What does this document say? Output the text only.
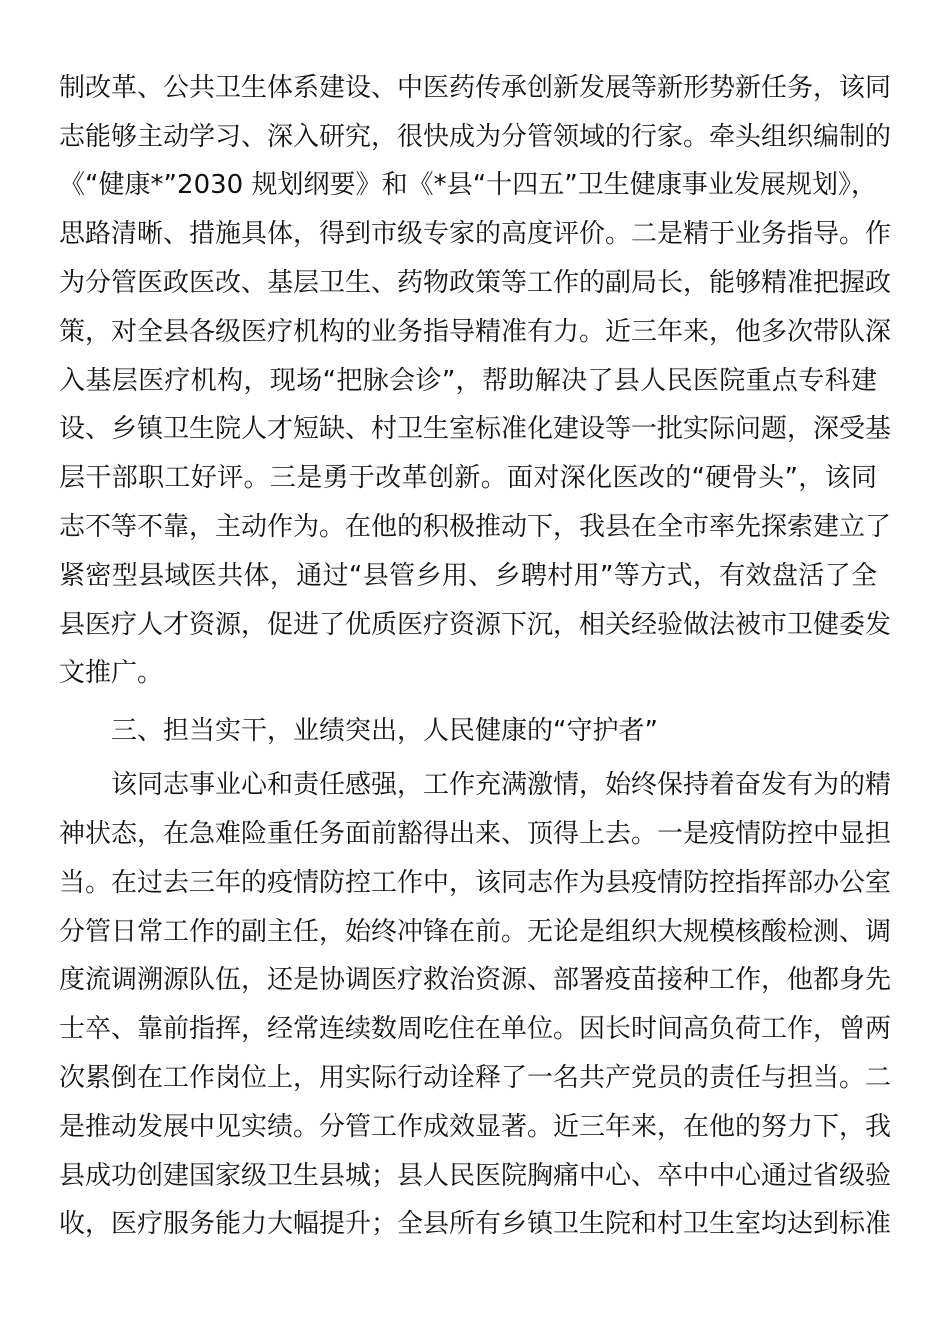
制改革、公共卫生体系建设、中医药传承创新发展等新形势新任务，该同
志能够主动学习、深入研究，很快成为分管领域的行家。牵头组织编制的
《“健康*”2030 规划纲要》和《*县“十四五”卫生健康事业发展规划》，
思路清晰、措施具体，得到市级专家的高度评价。二是精于业务指导。作
为分管医政医改、基层卫生、药物政策等工作的副局长，能够精准把握政
策，对全县各级医疗机构的业务指导精准有力。近三年来，他多次带队深
入基层医疗机构，现场“把脉会诊”，帮助解决了县人民医院重点专科建
设、乡镇卫生院人才短缺、村卫生室标准化建设等一批实际问题，深受基
层干部职工好评。三是勇于改革创新。面对深化医改的“硬骨头”，该同
志不等不靠，主动作为。在他的积极推动下，我县在全市率先探索建立了
紧密型县域医共体，通过“县管乡用、乡聘村用”等方式，有效盘活了全
县医疗人才资源，促进了优质医疗资源下沉，相关经验做法被市卫健委发
文推广。
三、担当实干，业绩突出，人民健康的“守护者”
该同志事业心和责任感强，工作充满激情，始终保持着奋发有为的精
神状态，在急难险重任务面前豁得出来、顶得上去。一是疫情防控中显担
当。在过去三年的疫情防控工作中，该同志作为县疫情防控指挥部办公室
分管日常工作的副主任，始终冲锋在前。无论是组织大规模核酸检测、调
度流调溯源队伍，还是协调医疗救治资源、部署疫苗接种工作，他都身先
士卒、靠前指挥，经常连续数周吃住在单位。因长时间高负荷工作，曾两
次累倒在工作岗位上，用实际行动诠释了一名共产党员的责任与担当。二
是推动发展中见实绩。分管工作成效显著。近三年来，在他的努力下，我
县成功创建国家级卫生县城；县人民医院胸痛中心、卒中中心通过省级验
收，医疗服务能力大幅提升；全县所有乡镇卫生院和村卫生室均达到标准
